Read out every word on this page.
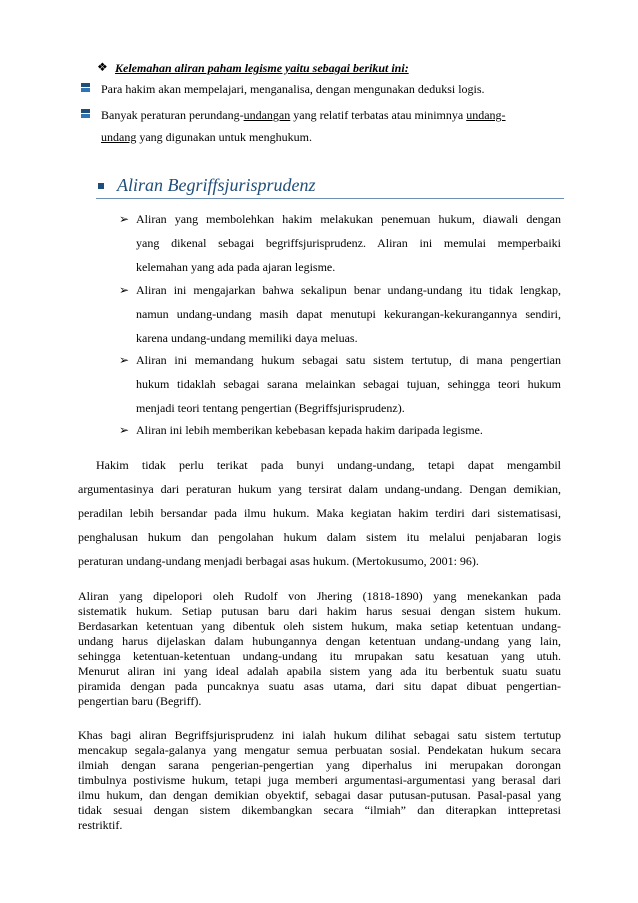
❖ Kelemahan aliran paham legisme yaitu sebagai berikut ini:
Para hakim akan mempelajari, menganalisa, dengan mengunakan deduksi logis.
Banyak peraturan perundang-undangan yang relatif terbatas atau minimnya undang-
undang yang digunakan untuk menghukum.
Aliran Begriffsjurisprudenz
➢ Aliran yang membolehkan hakim melakukan penemuan hukum, diawali dengan
yang dikenal sebagai begriffsjurisprudenz. Aliran ini memulai memperbaiki
kelemahan yang ada pada ajaran legisme.
➢ Aliran ini mengajarkan bahwa sekalipun benar undang-undang itu tidak lengkap,
namun undang-undang masih dapat menutupi kekurangan-kekurangannya sendiri,
karena undang-undang memiliki daya meluas.
➢ Aliran ini memandang hukum sebagai satu sistem tertutup, di mana pengertian
hukum tidaklah sebagai sarana melainkan sebagai tujuan, sehingga teori hukum
menjadi teori tentang pengertian (Begriffsjurisprudenz).
➢ Aliran ini lebih memberikan kebebasan kepada hakim daripada legisme.
Hakim tidak perlu terikat pada bunyi undang-undang, tetapi dapat mengambil
argumentasinya dari peraturan hukum yang tersirat dalam undang-undang. Dengan demikian,
peradilan lebih bersandar pada ilmu hukum. Maka kegiatan hakim terdiri dari sistematisasi,
penghalusan hukum dan pengolahan hukum dalam sistem itu melalui penjabaran logis
peraturan undang-undang menjadi berbagai asas hukum. (Mertokusumo, 2001: 96).
Aliran yang dipelopori oleh Rudolf von Jhering (1818-1890) yang menekankan pada
sistematik hukum. Setiap putusan baru dari hakim harus sesuai dengan sistem hukum.
Berdasarkan ketentuan yang dibentuk oleh sistem hukum, maka setiap ketentuan undang-
undang harus dijelaskan dalam hubungannya dengan ketentuan undang-undang yang lain,
sehingga ketentuan-ketentuan undang-undang itu mrupakan satu kesatuan yang utuh.
Menurut aliran ini yang ideal adalah apabila sistem yang ada itu berbentuk suatu suatu
piramida dengan pada puncaknya suatu asas utama, dari situ dapat dibuat pengertian-
pengertian baru (Begriff).
Khas bagi aliran Begriffsjurisprudenz ini ialah hukum dilihat sebagai satu sistem tertutup
mencakup segala-galanya yang mengatur semua perbuatan sosial. Pendekatan hukum secara
ilmiah dengan sarana pengerian-pengertian yang diperhalus ini merupakan dorongan
timbulnya postivisme hukum, tetapi juga memberi argumentasi-argumentasi yang berasal dari
ilmu hukum, dan dengan demikian obyektif, sebagai dasar putusan-putusan. Pasal-pasal yang
tidak sesuai dengan sistem dikembangkan secara “ilmiah” dan diterapkan inttepretasi
restriktif.
